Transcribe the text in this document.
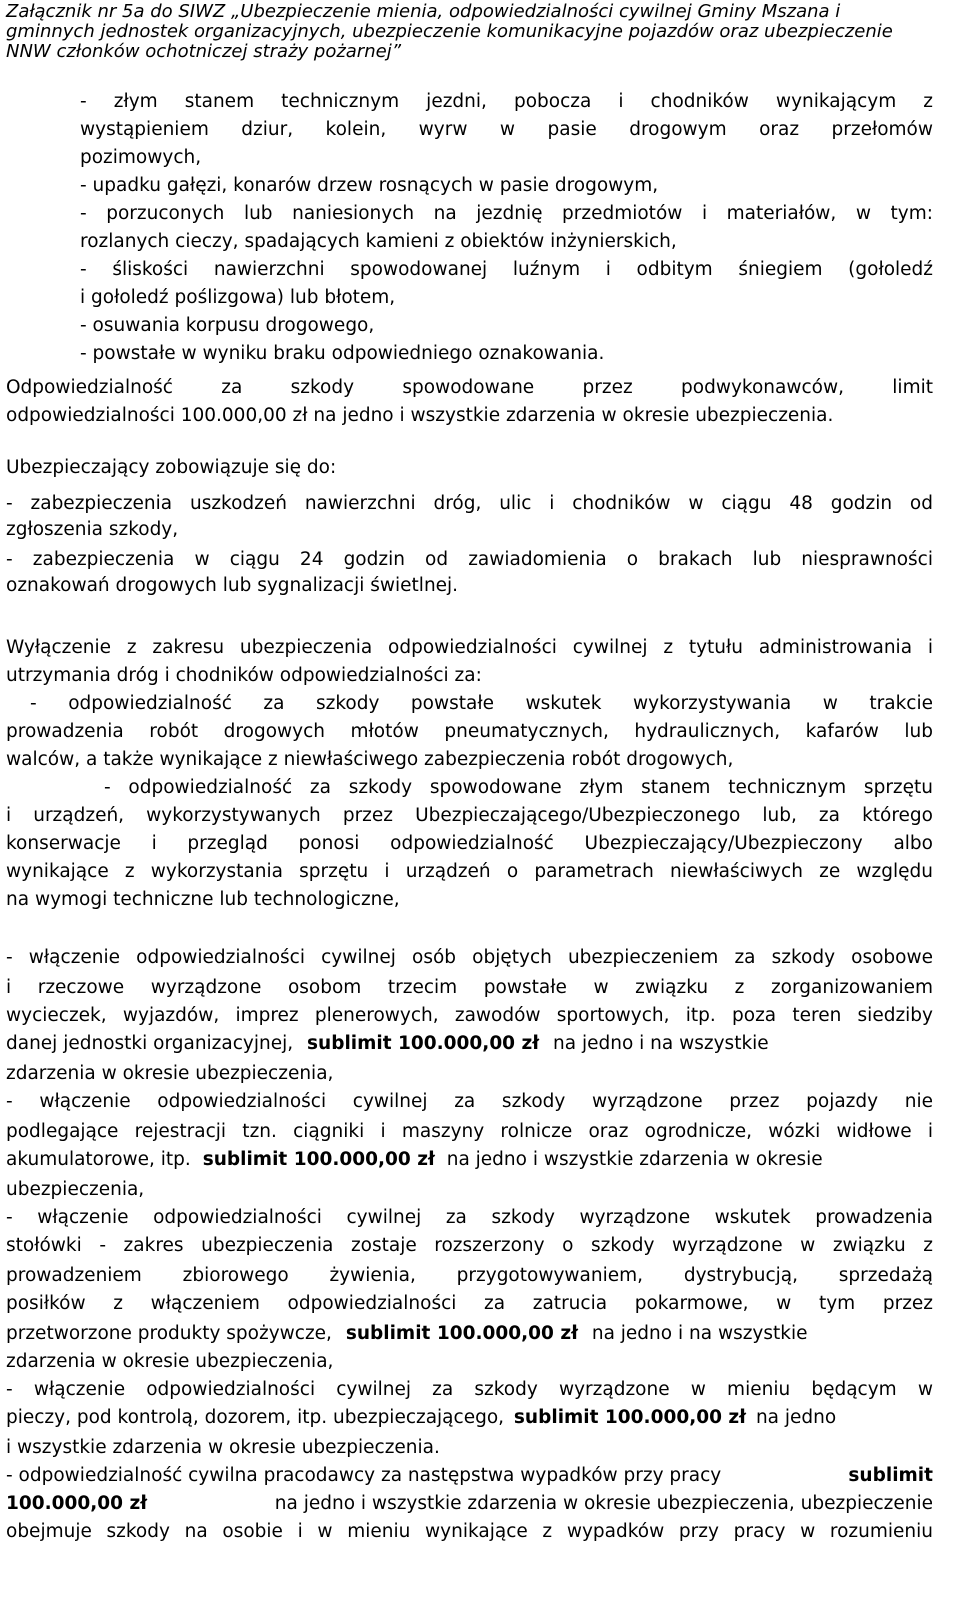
Załącznik nr 5a do SIWZ „Ubezpieczenie mienia, odpowiedzialności cywilnej Gminy Mszana i
gminnych jednostek organizacyjnych, ubezpieczenie komunikacyjne pojazdów oraz ubezpieczenie
NNW członków ochotniczej straży pożarnej”
- złym stanem technicznym jezdni, pobocza i chodników wynikającym z
wystąpieniem dziur, kolein, wyrw w pasie drogowym oraz przełomów
pozimowych,
- upadku gałęzi, konarów drzew rosnących w pasie drogowym,
- porzuconych lub naniesionych na jezdnię przedmiotów i materiałów, w tym:
rozlanych cieczy, spadających kamieni z obiektów inżynierskich,
- śliskości nawierzchni spowodowanej luźnym i odbitym śniegiem (gołoledź
i gołoledź poślizgowa) lub błotem,
- osuwania korpusu drogowego,
- powstałe w wyniku braku odpowiedniego oznakowania.
Odpowiedzialność za szkody spowodowane przez podwykonawców, limit
odpowiedzialności 100.000,00 zł na jedno i wszystkie zdarzenia w okresie ubezpieczenia.
Ubezpieczający zobowiązuje się do:
- zabezpieczenia uszkodzeń nawierzchni dróg, ulic i chodników w ciągu 48 godzin od
zgłoszenia szkody,
- zabezpieczenia w ciągu 24 godzin od zawiadomienia o brakach lub niesprawności
oznakowań drogowych lub sygnalizacji świetlnej.
Wyłączenie z zakresu ubezpieczenia odpowiedzialności cywilnej z tytułu administrowania i
utrzymania dróg i chodników odpowiedzialności za:
- odpowiedzialność za szkody powstałe wskutek wykorzystywania w trakcie
prowadzenia robót drogowych młotów pneumatycznych, hydraulicznych, kafarów lub
walców, a także wynikające z niewłaściwego zabezpieczenia robót drogowych,
- odpowiedzialność za szkody spowodowane złym stanem technicznym sprzętu
i urządzeń, wykorzystywanych przez Ubezpieczającego/Ubezpieczonego lub, za którego
konserwacje i przegląd ponosi odpowiedzialność Ubezpieczający/Ubezpieczony albo
wynikające z wykorzystania sprzętu i urządzeń o parametrach niewłaściwych ze względu
na wymogi techniczne lub technologiczne,
- włączenie odpowiedzialności cywilnej osób objętych ubezpieczeniem za szkody osobowe
i rzeczowe wyrządzone osobom trzecim powstałe w związku z zorganizowaniem
wycieczek, wyjazdów, imprez plenerowych, zawodów sportowych, itp. poza teren siedziby
danej jednostki organizacyjnej, sublimit 100.000,00 zł na jedno i na wszystkie
zdarzenia w okresie ubezpieczenia,
- włączenie odpowiedzialności cywilnej za szkody wyrządzone przez pojazdy nie
podlegające rejestracji tzn. ciągniki i maszyny rolnicze oraz ogrodnicze, wózki widłowe i
akumulatorowe, itp. sublimit 100.000,00 zł na jedno i wszystkie zdarzenia w okresie
ubezpieczenia,
- włączenie odpowiedzialności cywilnej za szkody wyrządzone wskutek prowadzenia
stołówki - zakres ubezpieczenia zostaje rozszerzony o szkody wyrządzone w związku z
prowadzeniem zbiorowego żywienia, przygotowywaniem, dystrybucją, sprzedażą
posiłków z włączeniem odpowiedzialności za zatrucia pokarmowe, w tym przez
przetworzone produkty spożywcze, sublimit 100.000,00 zł na jedno i na wszystkie
zdarzenia w okresie ubezpieczenia,
- włączenie odpowiedzialności cywilnej za szkody wyrządzone w mieniu będącym w
pieczy, pod kontrolą, dozorem, itp. ubezpieczającego, sublimit 100.000,00 zł na jedno
i wszystkie zdarzenia w okresie ubezpieczenia.
- odpowiedzialność cywilna pracodawcy za następstwa wypadków przy pracy	sublimit
100.000,00 zł	na jedno i wszystkie zdarzenia w okresie ubezpieczenia, ubezpieczenie
obejmuje szkody na osobie i w mieniu wynikające z wypadków przy pracy w rozumieniu
